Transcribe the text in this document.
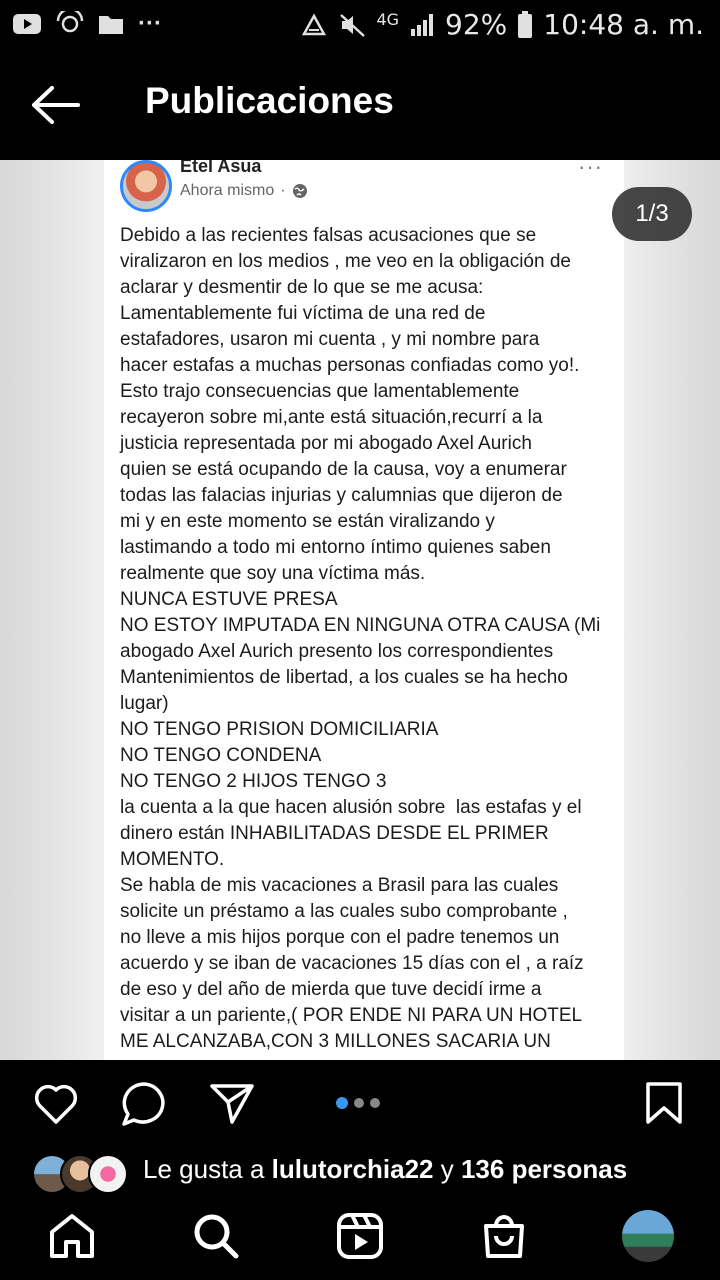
···	4G 92% 10:48 a. m.
Publicaciones
Etel Asua
Ahora mismo ·
···
Debido a las recientes falsas acusaciones que se
viralizaron en los medios , me veo en la obligación de
aclarar y desmentir de lo que se me acusa:
Lamentablemente fui víctima de una red de
estafadores, usaron mi cuenta , y mi nombre para
hacer estafas a muchas personas confiadas como yo!.
Esto trajo consecuencias que lamentablemente
recayeron sobre mi,ante está situación,recurrí a la
justicia representada por mi abogado Axel Aurich
quien se está ocupando de la causa, voy a enumerar
todas las falacias injurias y calumnias que dijeron de
mi y en este momento se están viralizando y
lastimando a todo mi entorno íntimo quienes saben
realmente que soy una víctima más.
NUNCA ESTUVE PRESA
NO ESTOY IMPUTADA EN NINGUNA OTRA CAUSA (Mi
abogado Axel Aurich presento los correspondientes
Mantenimientos de libertad, a los cuales se ha hecho
lugar)
NO TENGO PRISION DOMICILIARIA
NO TENGO CONDENA
NO TENGO 2 HIJOS TENGO 3
la cuenta a la que hacen alusión sobre  las estafas y el
dinero están INHABILITADAS DESDE EL PRIMER
MOMENTO.
Se habla de mis vacaciones a Brasil para las cuales
solicite un préstamo a las cuales subo comprobante ,
no lleve a mis hijos porque con el padre tenemos un
acuerdo y se iban de vacaciones 15 días con el , a raíz
de eso y del año de mierda que tuve decidí irme a
visitar a un pariente,( POR ENDE NI PARA UN HOTEL
ME ALCANZABA,CON 3 MILLONES SACARIA UN
1/3
Le gusta a lulutorchia22 y 136 personas
